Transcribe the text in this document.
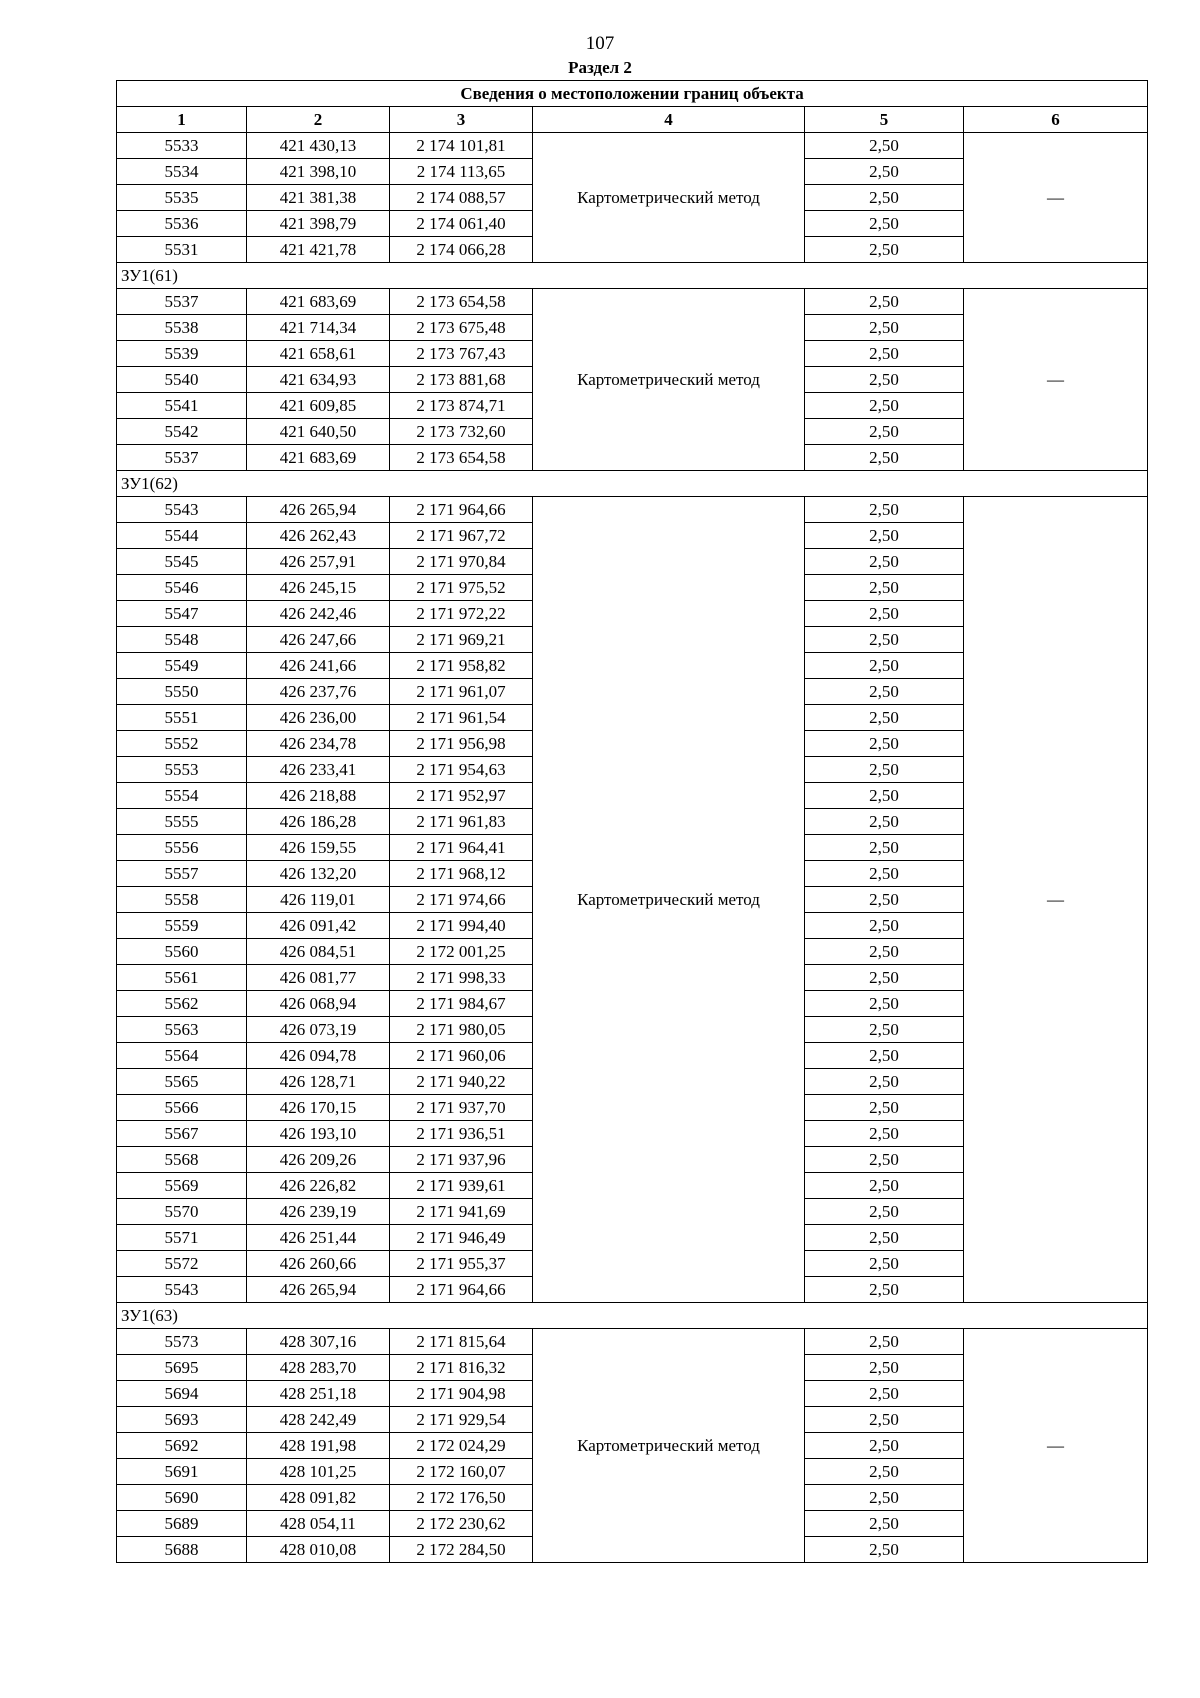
107
Раздел 2
Сведения о местоположении границ объекта					
1	2	3	4	5	6
5533	421 430,13	2 174 101,81	Картометрический метод	2,50	—
5534	421 398,10	2 174 113,65		2,50	
5535	421 381,38	2 174 088,57		2,50	
5536	421 398,79	2 174 061,40		2,50	
5531	421 421,78	2 174 066,28		2,50	
ЗУ1(61)					
5537	421 683,69	2 173 654,58	Картометрический метод	2,50	—
5538	421 714,34	2 173 675,48		2,50	
5539	421 658,61	2 173 767,43		2,50	
5540	421 634,93	2 173 881,68		2,50	
5541	421 609,85	2 173 874,71		2,50	
5542	421 640,50	2 173 732,60		2,50	
5537	421 683,69	2 173 654,58		2,50	
ЗУ1(62)					
5543	426 265,94	2 171 964,66	Картометрический метод	2,50	—
5544	426 262,43	2 171 967,72		2,50	
5545	426 257,91	2 171 970,84		2,50	
5546	426 245,15	2 171 975,52		2,50	
5547	426 242,46	2 171 972,22		2,50	
5548	426 247,66	2 171 969,21		2,50	
5549	426 241,66	2 171 958,82		2,50	
5550	426 237,76	2 171 961,07		2,50	
5551	426 236,00	2 171 961,54		2,50	
5552	426 234,78	2 171 956,98		2,50	
5553	426 233,41	2 171 954,63		2,50	
5554	426 218,88	2 171 952,97		2,50	
5555	426 186,28	2 171 961,83		2,50	
5556	426 159,55	2 171 964,41		2,50	
5557	426 132,20	2 171 968,12		2,50	
5558	426 119,01	2 171 974,66		2,50	
5559	426 091,42	2 171 994,40		2,50	
5560	426 084,51	2 172 001,25		2,50	
5561	426 081,77	2 171 998,33		2,50	
5562	426 068,94	2 171 984,67		2,50	
5563	426 073,19	2 171 980,05		2,50	
5564	426 094,78	2 171 960,06		2,50	
5565	426 128,71	2 171 940,22		2,50	
5566	426 170,15	2 171 937,70		2,50	
5567	426 193,10	2 171 936,51		2,50	
5568	426 209,26	2 171 937,96		2,50	
5569	426 226,82	2 171 939,61		2,50	
5570	426 239,19	2 171 941,69		2,50	
5571	426 251,44	2 171 946,49		2,50	
5572	426 260,66	2 171 955,37		2,50	
5543	426 265,94	2 171 964,66		2,50	
ЗУ1(63)					
5573	428 307,16	2 171 815,64	Картометрический метод	2,50	—
5695	428 283,70	2 171 816,32		2,50	
5694	428 251,18	2 171 904,98		2,50	
5693	428 242,49	2 171 929,54		2,50	
5692	428 191,98	2 172 024,29		2,50	
5691	428 101,25	2 172 160,07		2,50	
5690	428 091,82	2 172 176,50		2,50	
5689	428 054,11	2 172 230,62		2,50	
5688	428 010,08	2 172 284,50		2,50	
